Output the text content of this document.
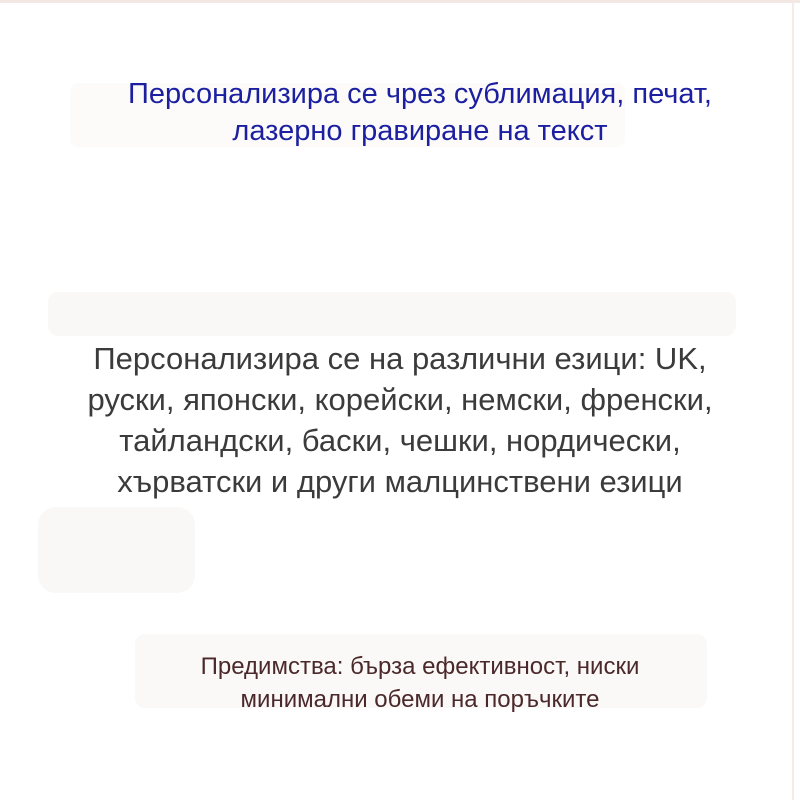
Персонализира се чрез сублимация, печат,
лазерно гравиране на текст
Персонализира се на различни езици: UK,
руски, японски, корейски, немски, френски,
тайландски, баски, чешки, нордически,
хърватски и други малцинствени езици
Предимства: бърза ефективност, ниски
минимални обеми на поръчките
